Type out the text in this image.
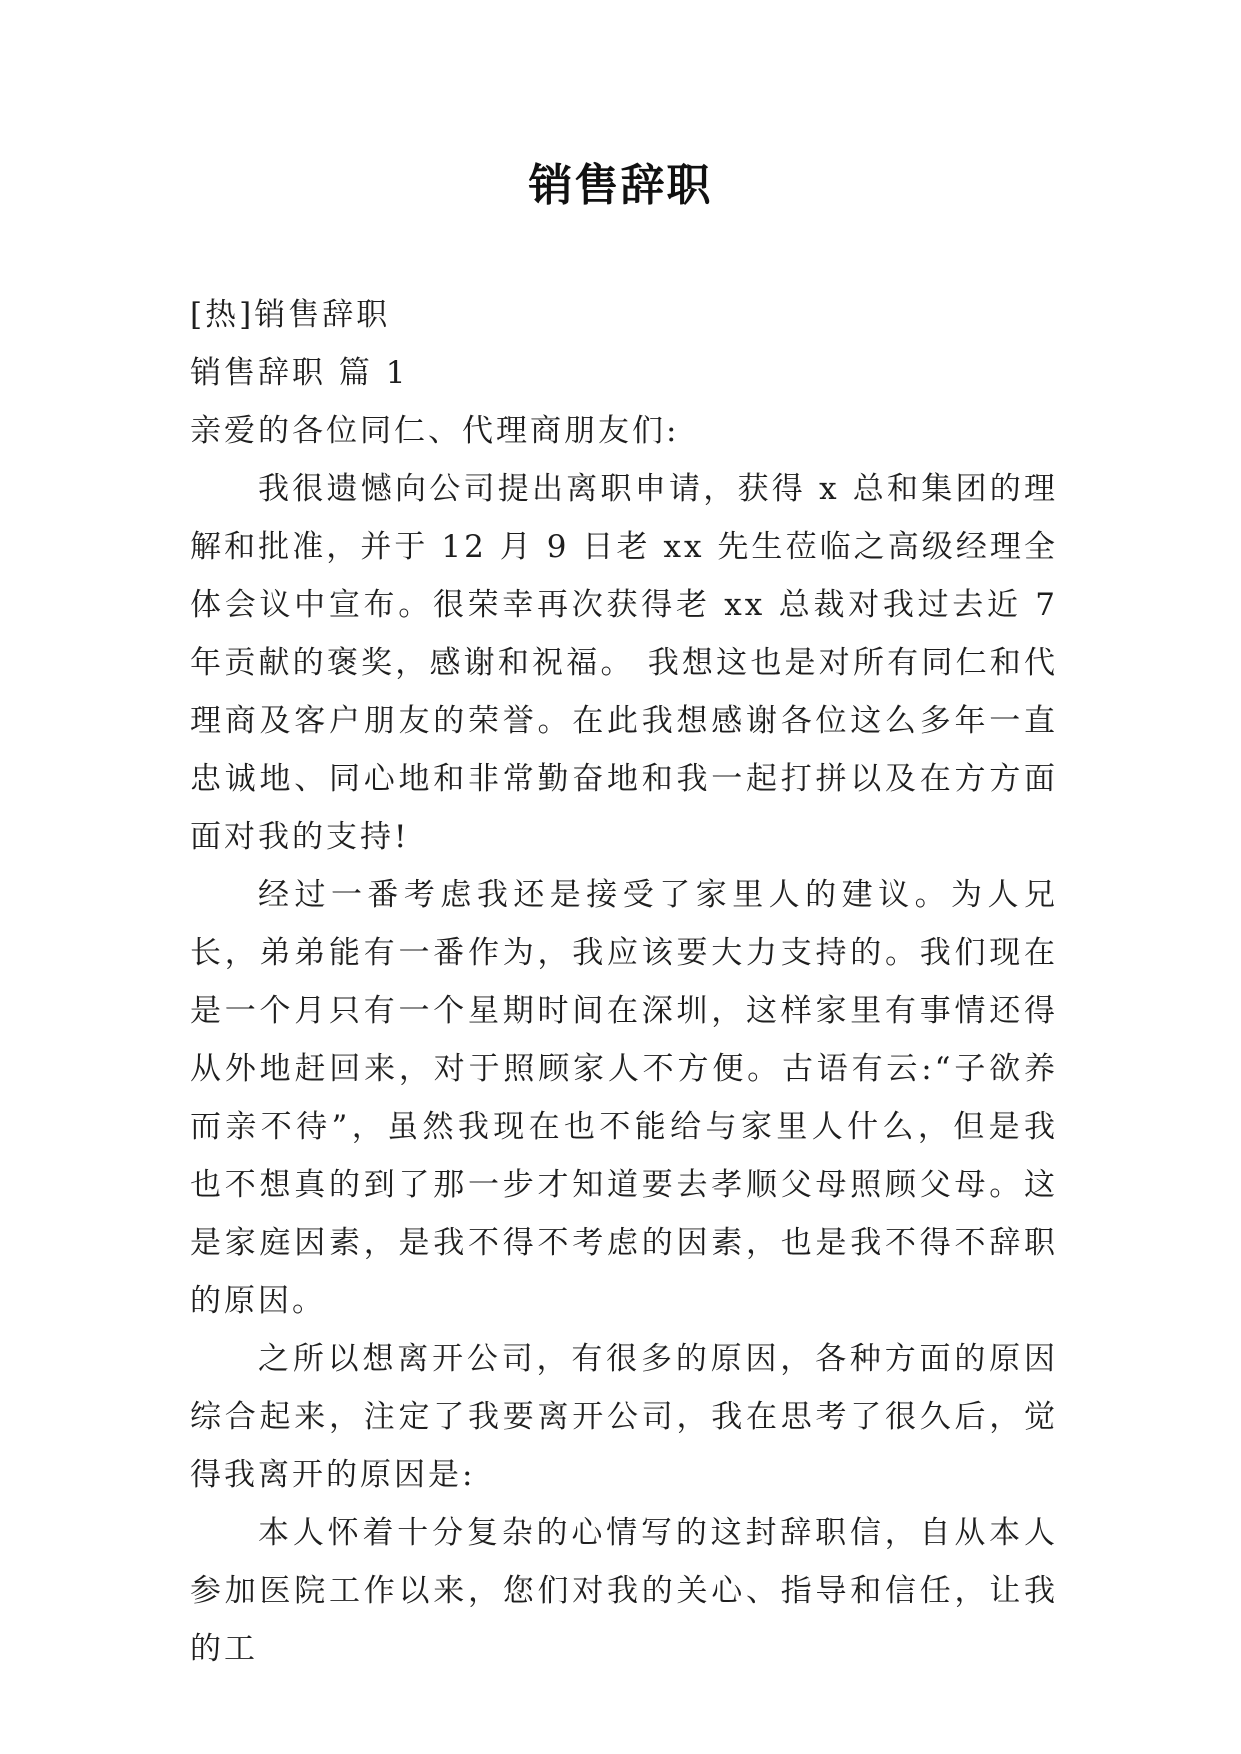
销售辞职

[热]销售辞职

销售辞职 篇 1

亲爱的各位同仁、代理商朋友们:

我很遗憾向公司提出离职申请，获得 x 总和集团的理解和批准，并于 12 月 9 日老 xx 先生莅临之高级经理全体会议中宣布。很荣幸再次获得老 xx 总裁对我过去近 7 年贡献的褒奖，感谢和祝福。 我想这也是对所有同仁和代理商及客户朋友的荣誉。在此我想感谢各位这么多年一直忠诚地、同心地和非常勤奋地和我一起打拼以及在方方面面对我的支持!

经过一番考虑我还是接受了家里人的建议。为人兄长，弟弟能有一番作为，我应该要大力支持的。我们现在是一个月只有一个星期时间在深圳，这样家里有事情还得从外地赶回来，对于照顾家人不方便。古语有云:“子欲养而亲不待”，虽然我现在也不能给与家里人什么，但是我也不想真的到了那一步才知道要去孝顺父母照顾父母。这是家庭因素，是我不得不考虑的因素，也是我不得不辞职的原因。

之所以想离开公司，有很多的原因，各种方面的原因综合起来，注定了我要离开公司，我在思考了很久后，觉得我离开的原因是:

本人怀着十分复杂的心情写的这封辞职信，自从本人参加医院工作以来，您们对我的关心、指导和信任，让我的工
